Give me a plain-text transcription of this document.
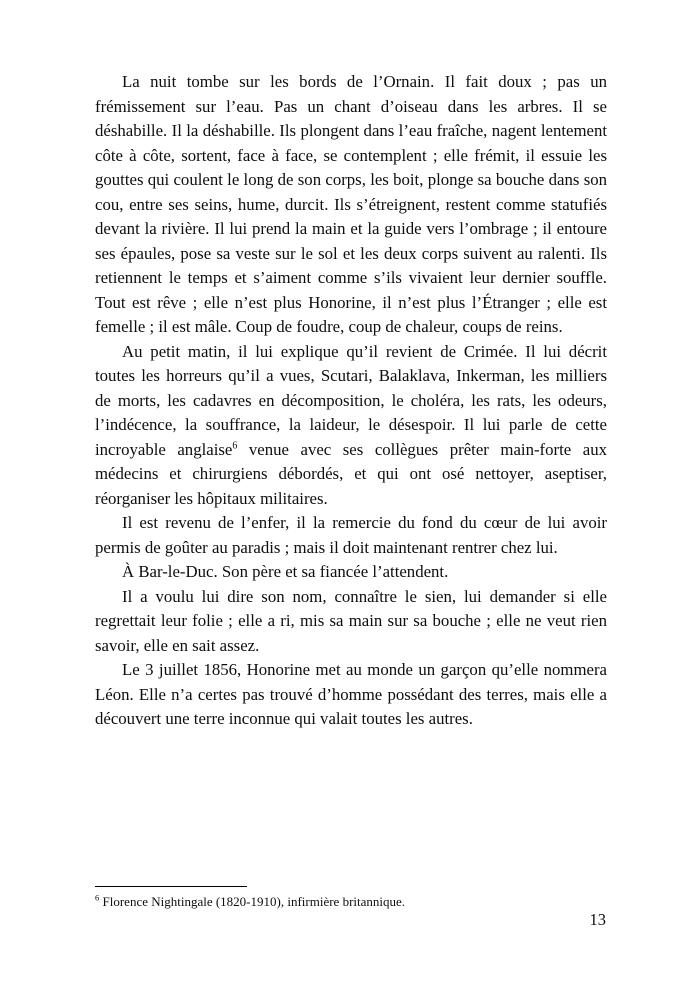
La nuit tombe sur les bords de l’Ornain. Il fait doux ; pas un frémissement sur l’eau. Pas un chant d’oiseau dans les arbres. Il se déshabille. Il la déshabille. Ils plongent dans l’eau fraîche, nagent lentement côte à côte, sortent, face à face, se contemplent ; elle frémit, il essuie les gouttes qui coulent le long de son corps, les boit, plonge sa bouche dans son cou, entre ses seins, hume, durcit. Ils s’étreignent, restent comme statufiés devant la rivière. Il lui prend la main et la guide vers l’ombrage ; il entoure ses épaules, pose sa veste sur le sol et les deux corps suivent au ralenti. Ils retiennent le temps et s’aiment comme s’ils vivaient leur dernier souffle. Tout est rêve ; elle n’est plus Honorine, il n’est plus l’Étranger ; elle est femelle ; il est mâle. Coup de foudre, coup de chaleur, coups de reins.

Au petit matin, il lui explique qu’il revient de Crimée. Il lui décrit toutes les horreurs qu’il a vues, Scutari, Balaklava, Inkerman, les milliers de morts, les cadavres en décomposition, le choléra, les rats, les odeurs, l’indécence, la souffrance, la laideur, le désespoir. Il lui parle de cette incroyable anglaise$^6$ venue avec ses collègues prêter main-forte aux médecins et chirurgiens débordés, et qui ont osé nettoyer, aseptiser, réorganiser les hôpitaux militaires.

Il est revenu de l’enfer, il la remercie du fond du cœur de lui avoir permis de goûter au paradis ; mais il doit maintenant rentrer chez lui.

À Bar-le-Duc. Son père et sa fiancée l’attendent.

Il a voulu lui dire son nom, connaître le sien, lui demander si elle regrettait leur folie ; elle a ri, mis sa main sur sa bouche ; elle ne veut rien savoir, elle en sait assez.

Le 3 juillet 1856, Honorine met au monde un garçon qu’elle nommera Léon. Elle n’a certes pas trouvé d’homme possédant des terres, mais elle a découvert une terre inconnue qui valait toutes les autres.

$^6$ Florence Nightingale (1820-1910), infirmière britannique.

13
